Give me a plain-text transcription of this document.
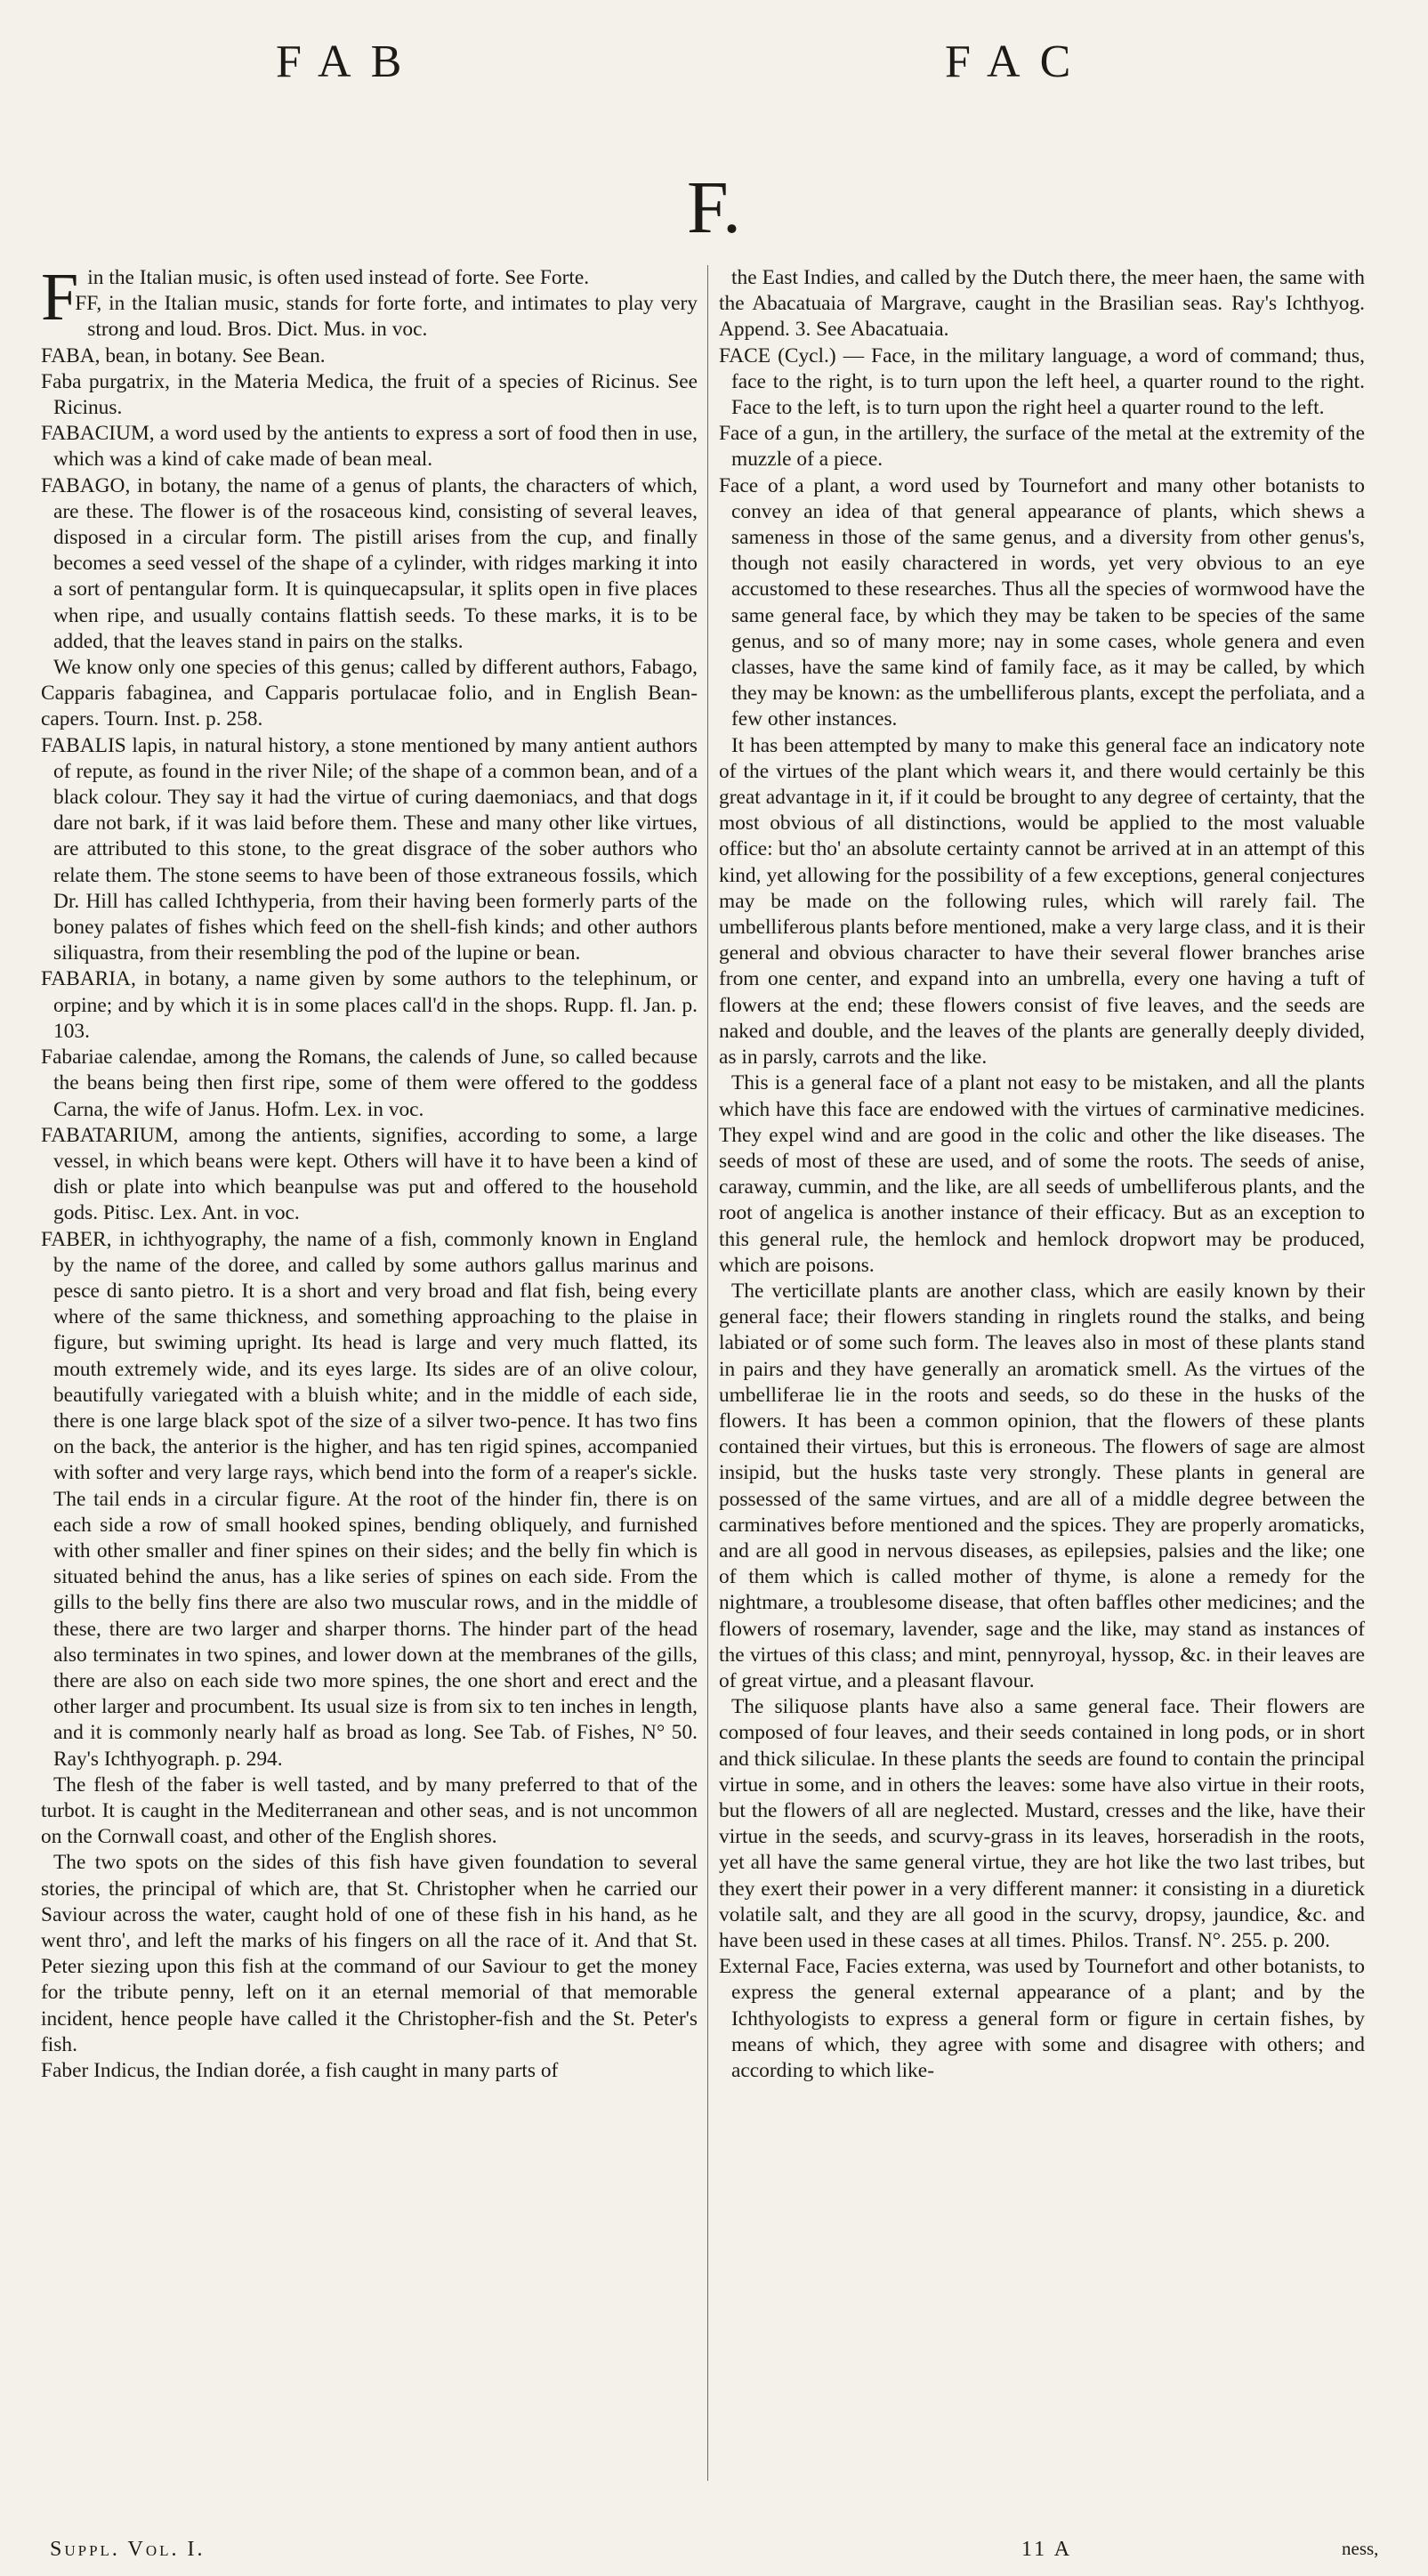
FAB	FAC
F.

Fin the Italian music, is often used instead of forte. See Forte.

FF, in the Italian music, stands for forte forte, and intimates to play very strong and loud. Bros. Dict. Mus. in voc.

FABA, bean, in botany. See Bean.

Faba purgatrix, in the Materia Medica, the fruit of a species of Ricinus. See Ricinus.

FABACIUM, a word used by the antients to express a sort of food then in use, which was a kind of cake made of bean meal.

FABAGO, in botany, the name of a genus of plants, the characters of which, are these. The flower is of the rosaceous kind, consisting of several leaves, disposed in a circular form. The pistill arises from the cup, and finally becomes a seed vessel of the shape of a cylinder, with ridges marking it into a sort of pentangular form. It is quinquecapsular, it splits open in five places when ripe, and usually contains flattish seeds. To these marks, it is to be added, that the leaves stand in pairs on the stalks.

We know only one species of this genus; called by different authors, Fabago, Capparis fabaginea, and Capparis portulacae folio, and in English Bean-capers. Tourn. Inst. p. 258.

FABALIS lapis, in natural history, a stone mentioned by many antient authors of repute, as found in the river Nile; of the shape of a common bean, and of a black colour. They say it had the virtue of curing daemoniacs, and that dogs dare not bark, if it was laid before them. These and many other like virtues, are attributed to this stone, to the great disgrace of the sober authors who relate them. The stone seems to have been of those extraneous fossils, which Dr. Hill has called Ichthyperia, from their having been formerly parts of the boney palates of fishes which feed on the shell-fish kinds; and other authors siliquastra, from their resembling the pod of the lupine or bean.

FABARIA, in botany, a name given by some authors to the telephinum, or orpine; and by which it is in some places call'd in the shops. Rupp. fl. Jan. p. 103.

Fabariae calendae, among the Romans, the calends of June, so called because the beans being then first ripe, some of them were offered to the goddess Carna, the wife of Janus. Hofm. Lex. in voc.

FABATARIUM, among the antients, signifies, according to some, a large vessel, in which beans were kept. Others will have it to have been a kind of dish or plate into which beanpulse was put and offered to the household gods. Pitisc. Lex. Ant. in voc.

FABER, in ichthyography, the name of a fish, commonly known in England by the name of the doree, and called by some authors gallus marinus and pesce di santo pietro. It is a short and very broad and flat fish, being every where of the same thickness, and something approaching to the plaise in figure, but swiming upright. Its head is large and very much flatted, its mouth extremely wide, and its eyes large. Its sides are of an olive colour, beautifully variegated with a bluish white; and in the middle of each side, there is one large black spot of the size of a silver two-pence. It has two fins on the back, the anterior is the higher, and has ten rigid spines, accompanied with softer and very large rays, which bend into the form of a reaper's sickle. The tail ends in a circular figure. At the root of the hinder fin, there is on each side a row of small hooked spines, bending obliquely, and furnished with other smaller and finer spines on their sides; and the belly fin which is situated behind the anus, has a like series of spines on each side. From the gills to the belly fins there are also two muscular rows, and in the middle of these, there are two larger and sharper thorns. The hinder part of the head also terminates in two spines, and lower down at the membranes of the gills, there are also on each side two more spines, the one short and erect and the other larger and procumbent. Its usual size is from six to ten inches in length, and it is commonly nearly half as broad as long. See Tab. of Fishes, N° 50. Ray's Ichthyograph. p. 294.

The flesh of the faber is well tasted, and by many preferred to that of the turbot. It is caught in the Mediterranean and other seas, and is not uncommon on the Cornwall coast, and other of the English shores.

The two spots on the sides of this fish have given foundation to several stories, the principal of which are, that St. Christopher when he carried our Saviour across the water, caught hold of one of these fish in his hand, as he went thro', and left the marks of his fingers on all the race of it. And that St. Peter siezing upon this fish at the command of our Saviour to get the money for the tribute penny, left on it an eternal memorial of that memorable incident, hence people have called it the Christopher-fish and the St. Peter's fish.

Faber Indicus, the Indian dorée, a fish caught in many parts of

the East Indies, and called by the Dutch there, the meer haen, the same with the Abacatuaia of Margrave, caught in the Brasilian seas. Ray's Ichthyog. Append. 3. See Abacatuaia.

FACE (Cycl.) — Face, in the military language, a word of command; thus, face to the right, is to turn upon the left heel, a quarter round to the right. Face to the left, is to turn upon the right heel a quarter round to the left.

Face of a gun, in the artillery, the surface of the metal at the extremity of the muzzle of a piece.

Face of a plant, a word used by Tournefort and many other botanists to convey an idea of that general appearance of plants, which shews a sameness in those of the same genus, and a diversity from other genus's, though not easily charactered in words, yet very obvious to an eye accustomed to these researches. Thus all the species of wormwood have the same general face, by which they may be taken to be species of the same genus, and so of many more; nay in some cases, whole genera and even classes, have the same kind of family face, as it may be called, by which they may be known: as the umbelliferous plants, except the perfoliata, and a few other instances.

It has been attempted by many to make this general face an indicatory note of the virtues of the plant which wears it, and there would certainly be this great advantage in it, if it could be brought to any degree of certainty, that the most obvious of all distinctions, would be applied to the most valuable office: but tho' an absolute certainty cannot be arrived at in an attempt of this kind, yet allowing for the possibility of a few exceptions, general conjectures may be made on the following rules, which will rarely fail. The umbelliferous plants before mentioned, make a very large class, and it is their general and obvious character to have their several flower branches arise from one center, and expand into an umbrella, every one having a tuft of flowers at the end; these flowers consist of five leaves, and the seeds are naked and double, and the leaves of the plants are generally deeply divided, as in parsly, carrots and the like.

This is a general face of a plant not easy to be mistaken, and all the plants which have this face are endowed with the virtues of carminative medicines. They expel wind and are good in the colic and other the like diseases. The seeds of most of these are used, and of some the roots. The seeds of anise, caraway, cummin, and the like, are all seeds of umbelliferous plants, and the root of angelica is another instance of their efficacy. But as an exception to this general rule, the hemlock and hemlock dropwort may be produced, which are poisons.

The verticillate plants are another class, which are easily known by their general face; their flowers standing in ringlets round the stalks, and being labiated or of some such form. The leaves also in most of these plants stand in pairs and they have generally an aromatick smell. As the virtues of the umbelliferae lie in the roots and seeds, so do these in the husks of the flowers. It has been a common opinion, that the flowers of these plants contained their virtues, but this is erroneous. The flowers of sage are almost insipid, but the husks taste very strongly. These plants in general are possessed of the same virtues, and are all of a middle degree between the carminatives before mentioned and the spices. They are properly aromaticks, and are all good in nervous diseases, as epilepsies, palsies and the like; one of them which is called mother of thyme, is alone a remedy for the nightmare, a troublesome disease, that often baffles other medicines; and the flowers of rosemary, lavender, sage and the like, may stand as instances of the virtues of this class; and mint, pennyroyal, hyssop, &c. in their leaves are of great virtue, and a pleasant flavour.

The siliquose plants have also a same general face. Their flowers are composed of four leaves, and their seeds contained in long pods, or in short and thick siliculae. In these plants the seeds are found to contain the principal virtue in some, and in others the leaves: some have also virtue in their roots, but the flowers of all are neglected. Mustard, cresses and the like, have their virtue in the seeds, and scurvy-grass in its leaves, horseradish in the roots, yet all have the same general virtue, they are hot like the two last tribes, but they exert their power in a very different manner: it consisting in a diuretick volatile salt, and they are all good in the scurvy, dropsy, jaundice, &c. and have been used in these cases at all times. Philos. Transf. N°. 255. p. 200.

External Face, Facies externa, was used by Tournefort and other botanists, to express the general external appearance of a plant; and by the Ichthyologists to express a general form or figure in certain fishes, by means of which, they agree with some and disagree with others; and according to which like-

Suppl. Vol. I.	11 A	ness,
